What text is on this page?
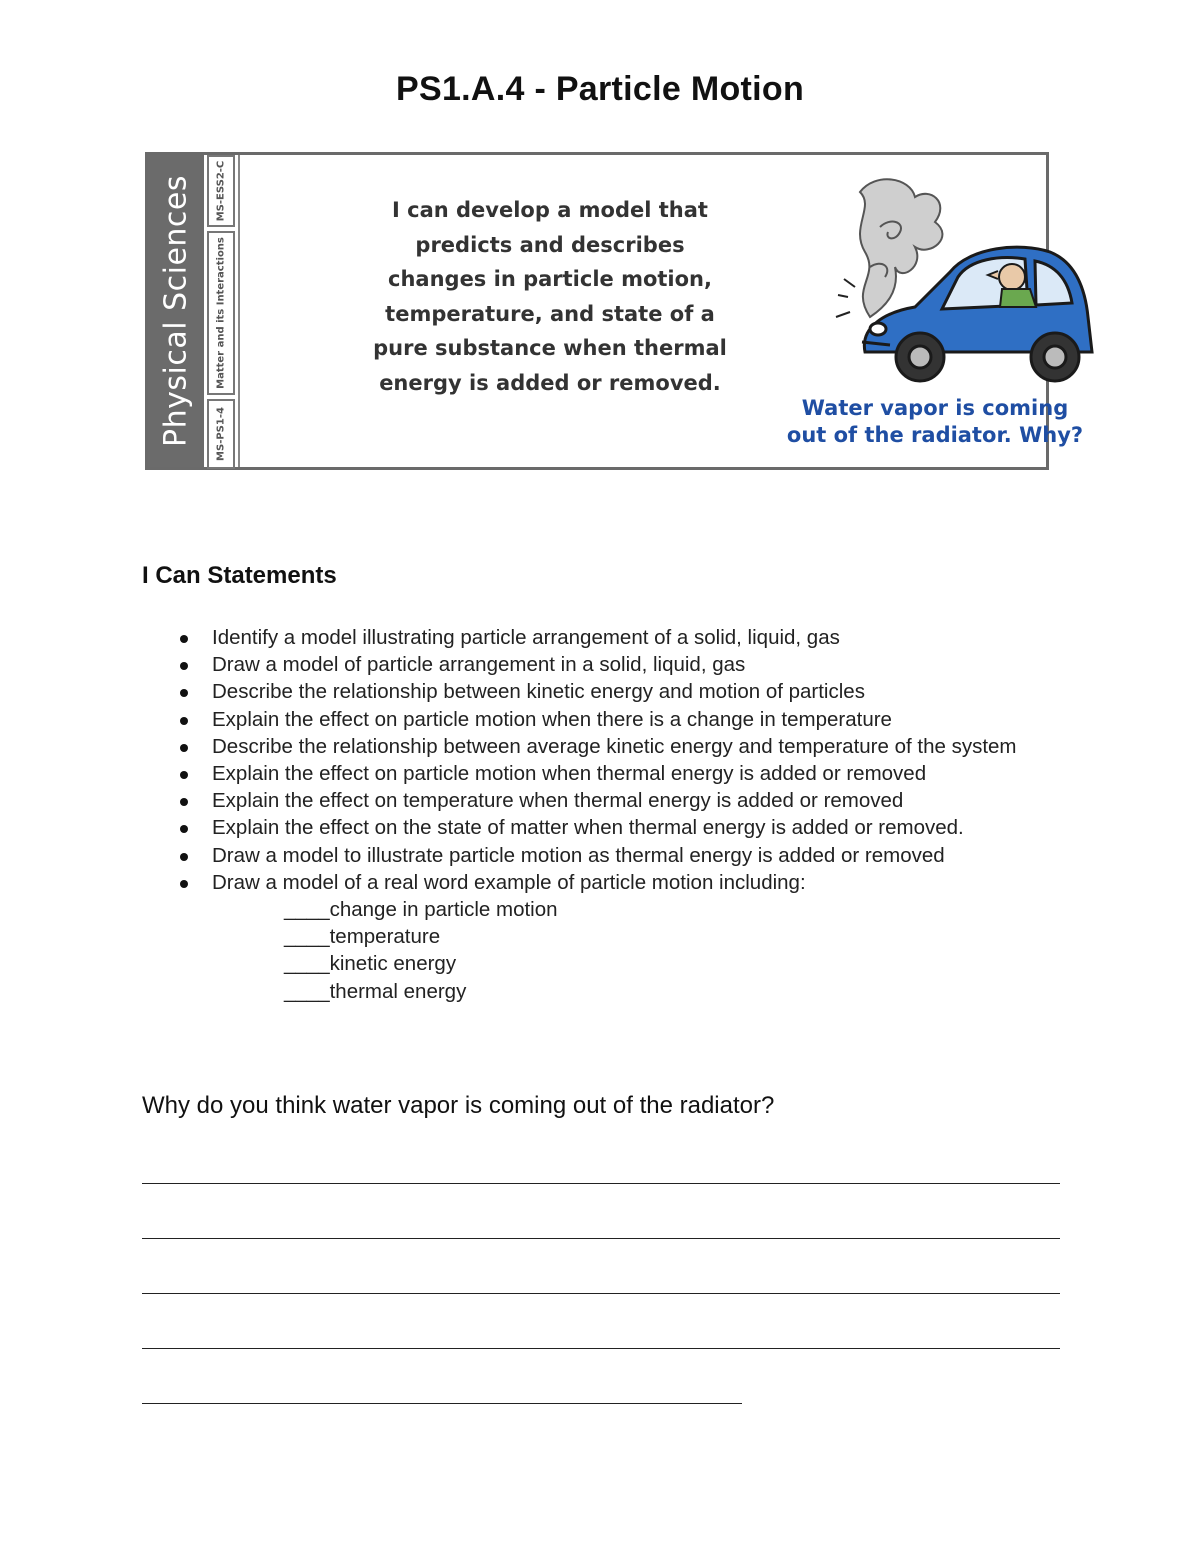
PS1.A.4 - Particle Motion
Physical Sciences MS-ESS2-C
Matter and its Interactions
MS-PS1-4
I can develop a model that
predicts and describes
changes in particle motion,
temperature, and state of a
pure substance when thermal
energy is added or removed.
Water vapor is coming
out of the radiator. Why?
I Can Statements
Identify a model illustrating particle arrangement of a solid, liquid, gas
Draw a model of particle arrangement in a solid, liquid, gas
Describe the relationship between kinetic energy and motion of particles
Explain the effect on particle motion when there is a change in temperature
Describe the relationship between average kinetic energy and temperature of the system
Explain the effect on particle motion when thermal energy is added or removed
Explain the effect on temperature when thermal energy is added or removed
Explain the effect on the state of matter when thermal energy is added or removed.
Draw a model to illustrate particle motion as thermal energy is added or removed
Draw a model of a real word example of particle motion including:
____change in particle motion
____temperature
____kinetic energy
____thermal energy
Why do you think water vapor is coming out of the radiator?
